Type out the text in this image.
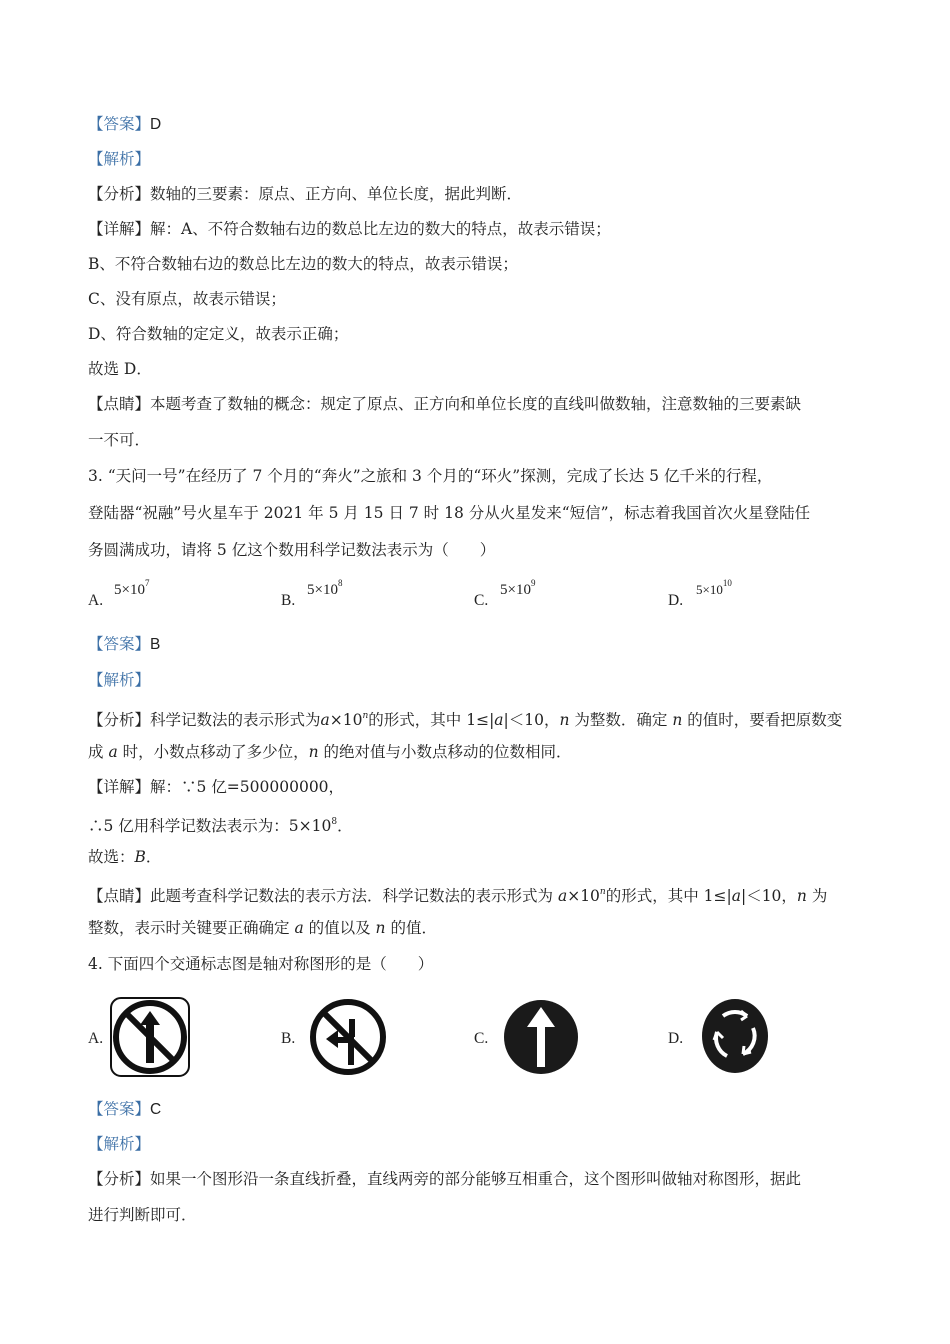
【答案】D
【解析】
【分析】数轴的三要素：原点、正方向、单位长度，据此判断．
【详解】解：A、不符合数轴右边的数总比左边的数大的特点，故表示错误；
B、不符合数轴右边的数总比左边的数大的特点，故表示错误；
C、没有原点，故表示错误；
D、符合数轴的定定义，故表示正确；
故选 D．
【点睛】本题考查了数轴的概念：规定了原点、正方向和单位长度的直线叫做数轴，注意数轴的三要素缺
一不可．
3. “天问一号”在经历了 7 个月的“奔火”之旅和 3 个月的“环火”探测，完成了长达 5 亿千米的行程，
登陆器“祝融”号火星车于 2021 年 5 月 15 日 7 时 18 分从火星发来“短信”，标志着我国首次火星登陆任
务圆满成功，请将 5 亿这个数用科学记数法表示为（　　）
A.
$5\times 10^7$
B.
$5\times 10^8$
C.
$5\times 10^9$
D.
$5\times 10^{10}$
【答案】B
【解析】
【分析】科学记数法的表示形式为$a\times 10^n$的形式，其中 1≤|a|＜10，n 为整数．确定 n 的值时，要看把原数变
成 a 时，小数点移动了多少位，n 的绝对值与小数点移动的位数相同．
【详解】解：∵5 亿=500000000，
∴5 亿用科学记数法表示为：$5\times 10^8$．
故选：B．
【点睛】此题考查科学记数法的表示方法．科学记数法的表示形式为 $a\times 10^n$的形式，其中 1≤|a|＜10，n 为
整数，表示时关键要正确确定 a 的值以及 n 的值．
4. 下面四个交通标志图是轴对称图形的是（　　）
A.	B.	C.	D.
【答案】C
【解析】
【分析】如果一个图形沿一条直线折叠，直线两旁的部分能够互相重合，这个图形叫做轴对称图形，据此
进行判断即可．
